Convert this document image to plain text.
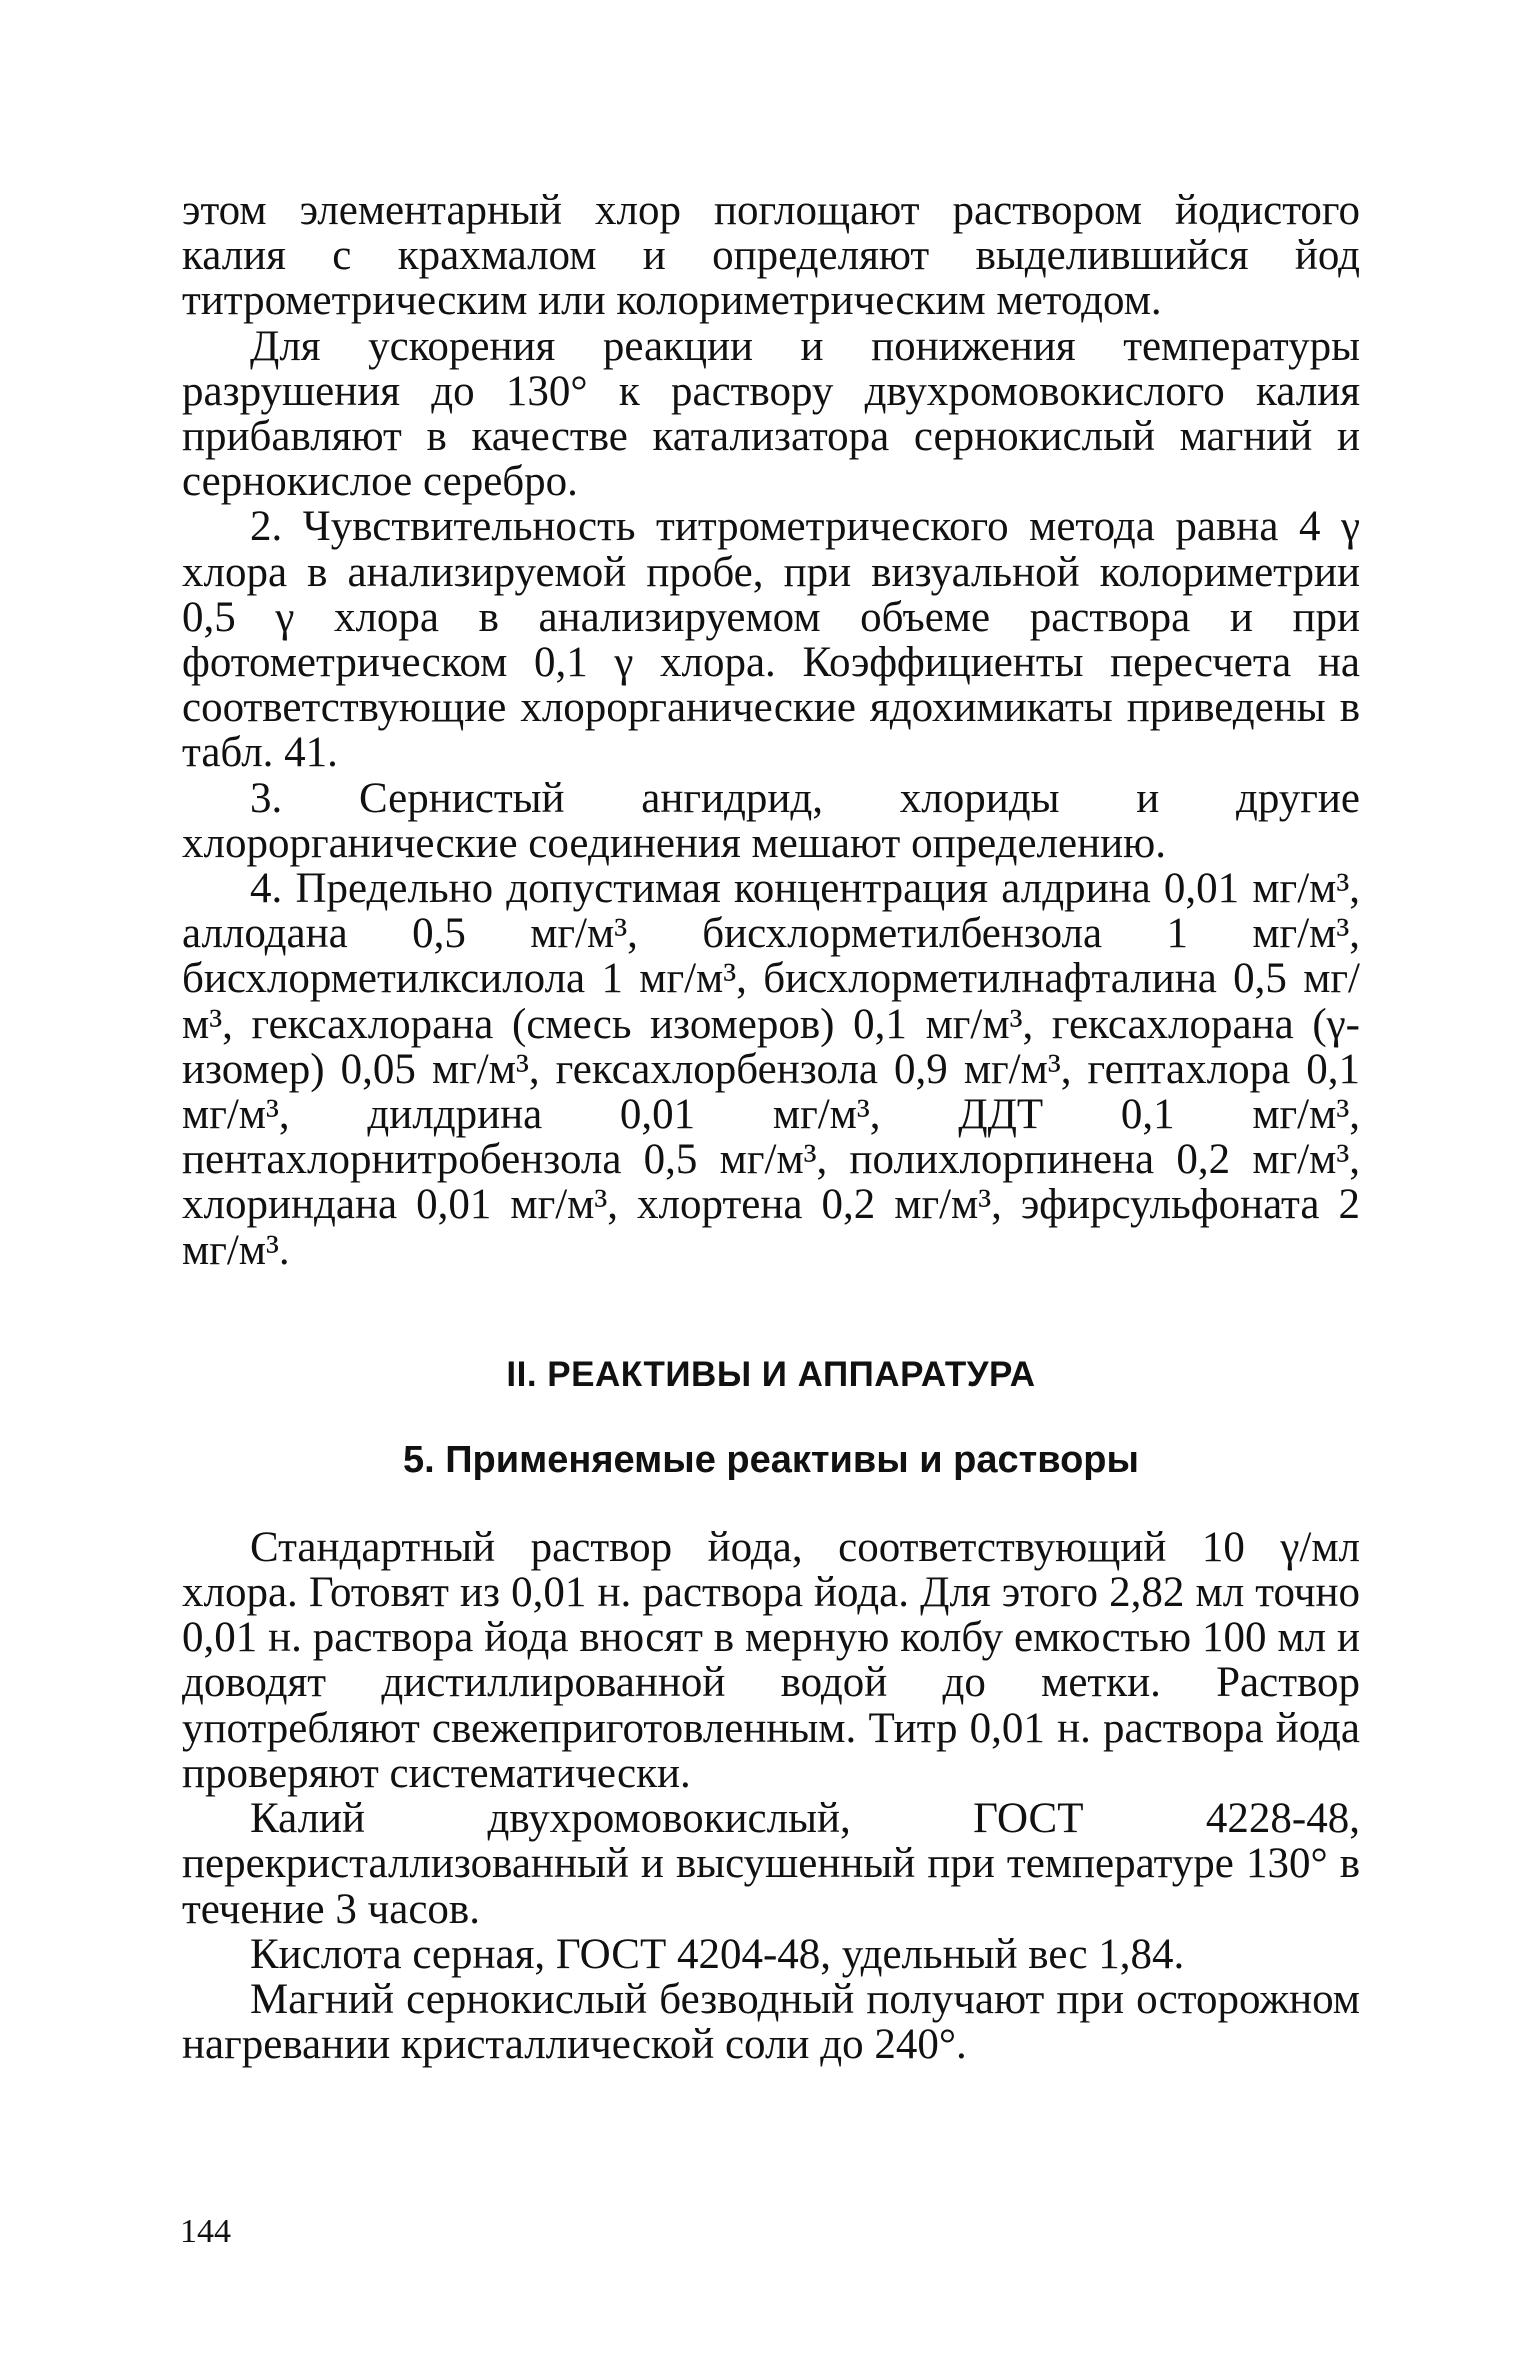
этом элементарный хлор поглощают раствором йодистого калия с крахмалом и определяют выделившийся йод титрометрическим или колориметрическим методом.

Для ускорения реакции и понижения температуры разрушения до 130° к раствору двухромовокислого калия прибавляют в качестве катализатора сернокислый магний и сернокислое серебро.

2. Чувствительность титрометрического метода равна 4 γ хлора в анализируемой пробе, при визуальной колориметрии 0,5 γ хлора в анализируемом объеме раствора и при фотометрическом 0,1 γ хлора. Коэффициенты пересчета на соответствующие хлорорганические ядохимикаты приведены в табл. 41.

3. Сернистый ангидрид, хлориды и другие хлорорганические соединения мешают определению.

4. Предельно допустимая концентрация алдрина 0,01 мг/м³, аллодана 0,5 мг/м³, бисхлорметилбензола 1 мг/м³, бисхлорметилксилола 1 мг/м³, бисхлорметилнафталина 0,5 мг/м³, гексахлорана (смесь изомеров) 0,1 мг/м³, гексахлорана (γ-изомер) 0,05 мг/м³, гексахлорбензола 0,9 мг/м³, гептахлора 0,1 мг/м³, дилдрина 0,01 мг/м³, ДДТ 0,1 мг/м³, пентахлорнитробензола 0,5 мг/м³, полихлорпинена 0,2 мг/м³, хлориндана 0,01 мг/м³, хлортена 0,2 мг/м³, эфирсульфоната 2 мг/м³.

II. РЕАКТИВЫ И АППАРАТУРА
5. Применяемые реактивы и растворы

Стандартный раствор йода, соответствующий 10 γ/мл хлора. Готовят из 0,01 н. раствора йода. Для этого 2,82 мл точно 0,01 н. раствора йода вносят в мерную колбу емкостью 100 мл и доводят дистиллированной водой до метки. Раствор употребляют свежеприготовленным. Титр 0,01 н. раствора йода проверяют систематически.

Калий двухромовокислый, ГОСТ 4228-48, перекристаллизованный и высушенный при температуре 130° в течение 3 часов.

Кислота серная, ГОСТ 4204-48, удельный вес 1,84.

Магний сернокислый безводный получают при осторожном нагревании кристаллической соли до 240°.

144
